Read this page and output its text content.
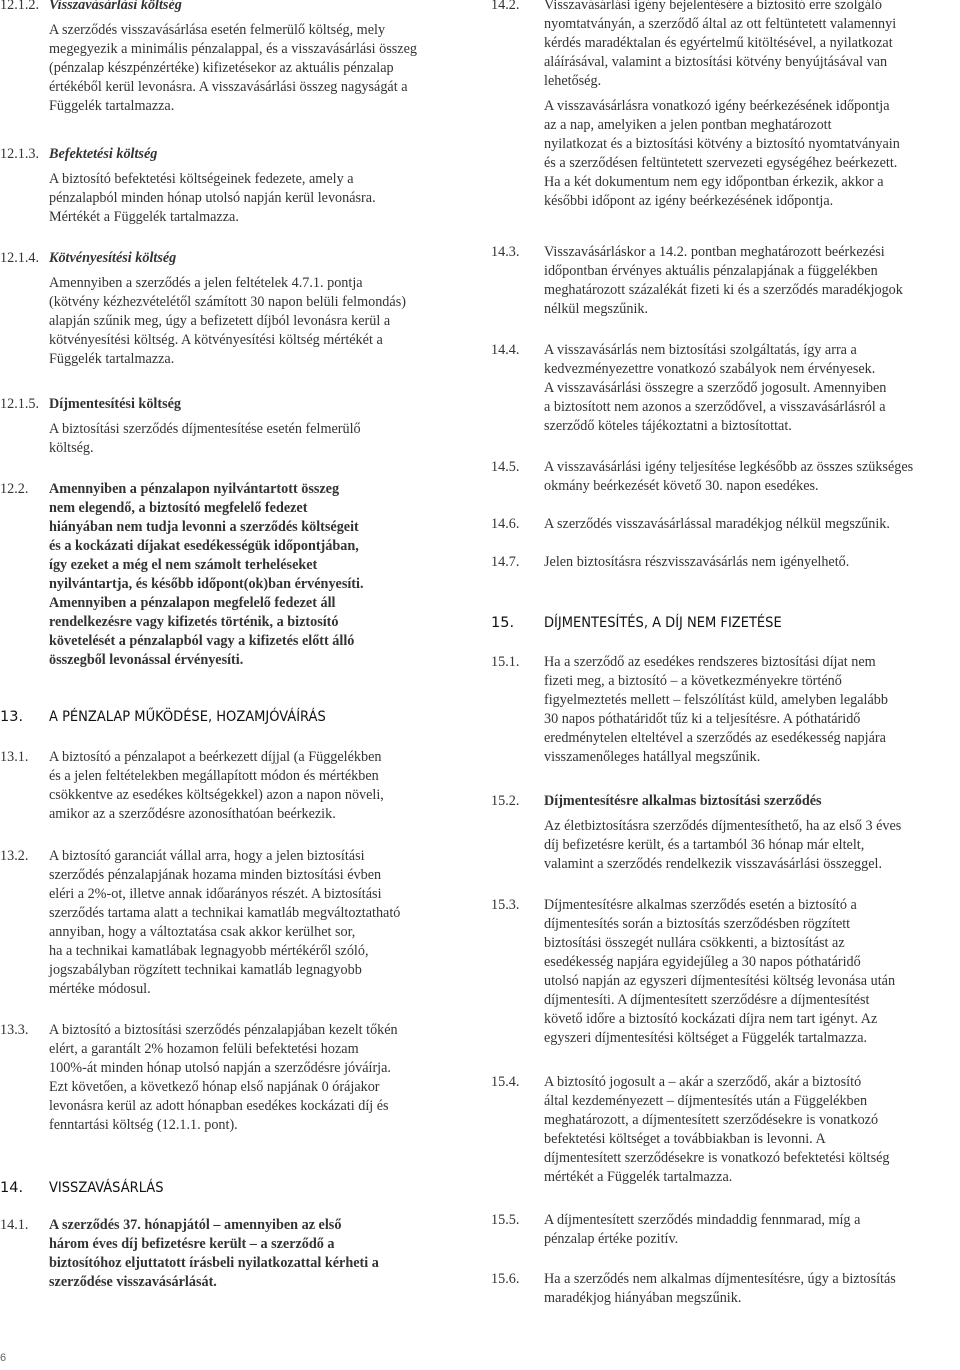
12.1.2. Visszavásárlási költség
A szerződés visszavásárlása esetén felmerülő költség, mely
megegyezik a minimális pénzalappal, és a visszavásárlási összeg
(pénzalap készpénzértéke) kifizetésekor az aktuális pénzalap
értékéből kerül levonásra. A visszavásárlási összeg nagyságát a
Függelék tartalmazza.
12.1.3. Befektetési költség
A biztosító befektetési költségeinek fedezete, amely a
pénzalapból minden hónap utolsó napján kerül levonásra.
Mértékét a Függelék tartalmazza.
12.1.4. Kötvényesítési költség
Amennyiben a szerződés a jelen feltételek 4.7.1. pontja
(kötvény kézhezvételétől számított 30 napon belüli felmondás)
alapján szűnik meg, úgy a befizetett díjból levonásra kerül a
kötvényesítési költség. A kötvényesítési költség mértékét a
Függelék tartalmazza.
12.1.5. Díjmentesítési költség
A biztosítási szerződés díjmentesítése esetén felmerülő
költség.
12.2. Amennyiben a pénzalapon nyilvántartott összeg
nem elegendő, a biztosító megfelelő fedezet
hiányában nem tudja levonni a szerződés költségeit
és a kockázati díjakat esedékességük időpontjában,
így ezeket a még el nem számolt terheléseket
nyilvántartja, és később időpont(ok)ban érvényesíti.
Amennyiben a pénzalapon megfelelő fedezet áll
rendelkezésre vagy kifizetés történik, a biztosító
követelését a pénzalapból vagy a kifizetés előtt álló
összegből levonással érvényesíti.
13. A PÉNZALAP MŰKÖDÉSE, HOZAMJÓVÁÍRÁS
13.1. A biztosító a pénzalapot a beérkezett díjjal (a Függelékben
és a jelen feltételekben megállapított módon és mértékben
csökkentve az esedékes költségekkel) azon a napon növeli,
amikor az a szerződésre azonosíthatóan beérkezik.
13.2. A biztosító garanciát vállal arra, hogy a jelen biztosítási
szerződés pénzalapjának hozama minden biztosítási évben
eléri a 2%-ot, illetve annak időarányos részét. A biztosítási
szerződés tartama alatt a technikai kamatláb megváltoztatható
annyiban, hogy a változtatása csak akkor kerülhet sor,
ha a technikai kamatlábak legnagyobb mértékéről szóló,
jogszabályban rögzített technikai kamatláb legnagyobb
mértéke módosul.
13.3. A biztosító a biztosítási szerződés pénzalapjában kezelt tőkén
elért, a garantált 2% hozamon felüli befektetési hozam
100%-át minden hónap utolsó napján a szerződésre jóváírja.
Ezt követően, a következő hónap első napjának 0 órájakor
levonásra kerül az adott hónapban esedékes kockázati díj és
fenntartási költség (12.1.1. pont).
14. VISSZAVÁSÁRLÁS
14.1. A szerződés 37. hónapjától – amennyiben az első
három éves díj befizetésre került – a szerződő a
biztosítóhoz eljuttatott írásbeli nyilatkozattal kérheti a
szerződése visszavásárlását.
14.2. Visszavásárlási igény bejelentésére a biztosító erre szolgáló
nyomtatványán, a szerződő által az ott feltüntetett valamennyi
kérdés maradéktalan és egyértelmű kitöltésével, a nyilatkozat
aláírásával, valamint a biztosítási kötvény benyújtásával van
lehetőség.
A visszavásárlásra vonatkozó igény beérkezésének időpontja
az a nap, amelyiken a jelen pontban meghatározott
nyilatkozat és a biztosítási kötvény a biztosító nyomtatványain
és a szerződésen feltüntetett szervezeti egységéhez beérkezett.
Ha a két dokumentum nem egy időpontban érkezik, akkor a
későbbi időpont az igény beérkezésének időpontja.
14.3. Visszavásárláskor a 14.2. pontban meghatározott beérkezési
időpontban érvényes aktuális pénzalapjának a függelékben
meghatározott százalékát fizeti ki és a szerződés maradékjogok
nélkül megszűnik.
14.4. A visszavásárlás nem biztosítási szolgáltatás, így arra a
kedvezményezettre vonatkozó szabályok nem érvényesek.
A visszavásárlási összegre a szerződő jogosult. Amennyiben
a biztosított nem azonos a szerződővel, a visszavásárlásról a
szerződő köteles tájékoztatni a biztosítottat.
14.5. A visszavásárlási igény teljesítése legkésőbb az összes szükséges
okmány beérkezését követő 30. napon esedékes.
14.6. A szerződés visszavásárlással maradékjog nélkül megszűnik.
14.7. Jelen biztosításra részvisszavásárlás nem igényelhető.
15. DÍJMENTESÍTÉS, A DÍJ NEM FIZETÉSE
15.1. Ha a szerződő az esedékes rendszeres biztosítási díjat nem
fizeti meg, a biztosító – a következményekre történő
figyelmeztetés mellett – felszólítást küld, amelyben legalább
30 napos póthatáridőt tűz ki a teljesítésre. A póthatáridő
eredménytelen elteltével a szerződés az esedékesség napjára
visszamenőleges hatállyal megszűnik.
15.2. Díjmentesítésre alkalmas biztosítási szerződés
Az életbiztosításra szerződés díjmentesíthető, ha az első 3 éves
díj befizetésre került, és a tartamból 36 hónap már eltelt,
valamint a szerződés rendelkezik visszavásárlási összeggel.
15.3. Díjmentesítésre alkalmas szerződés esetén a biztosító a
díjmentesítés során a biztosítás szerződésben rögzített
biztosítási összegét nullára csökkenti, a biztosítást az
esedékesség napjára egyidejűleg a 30 napos póthatáridő
utolsó napján az egyszeri díjmentesítési költség levonása után
díjmentesíti. A díjmentesített szerződésre a díjmentesítést
követő időre a biztosító kockázati díjra nem tart igényt. Az
egyszeri díjmentesítési költséget a Függelék tartalmazza.
15.4. A biztosító jogosult a – akár a szerződő, akár a biztosító
által kezdeményezett – díjmentesítés után a Függelékben
meghatározott, a díjmentesített szerződésekre is vonatkozó
befektetési költséget a továbbiakban is levonni. A
díjmentesített szerződésekre is vonatkozó befektetési költség
mértékét a Függelék tartalmazza.
15.5. A díjmentesített szerződés mindaddig fennmarad, míg a
pénzalap értéke pozitív.
15.6. Ha a szerződés nem alkalmas díjmentesítésre, úgy a biztosítás
maradékjog hiányában megszűnik.
6
